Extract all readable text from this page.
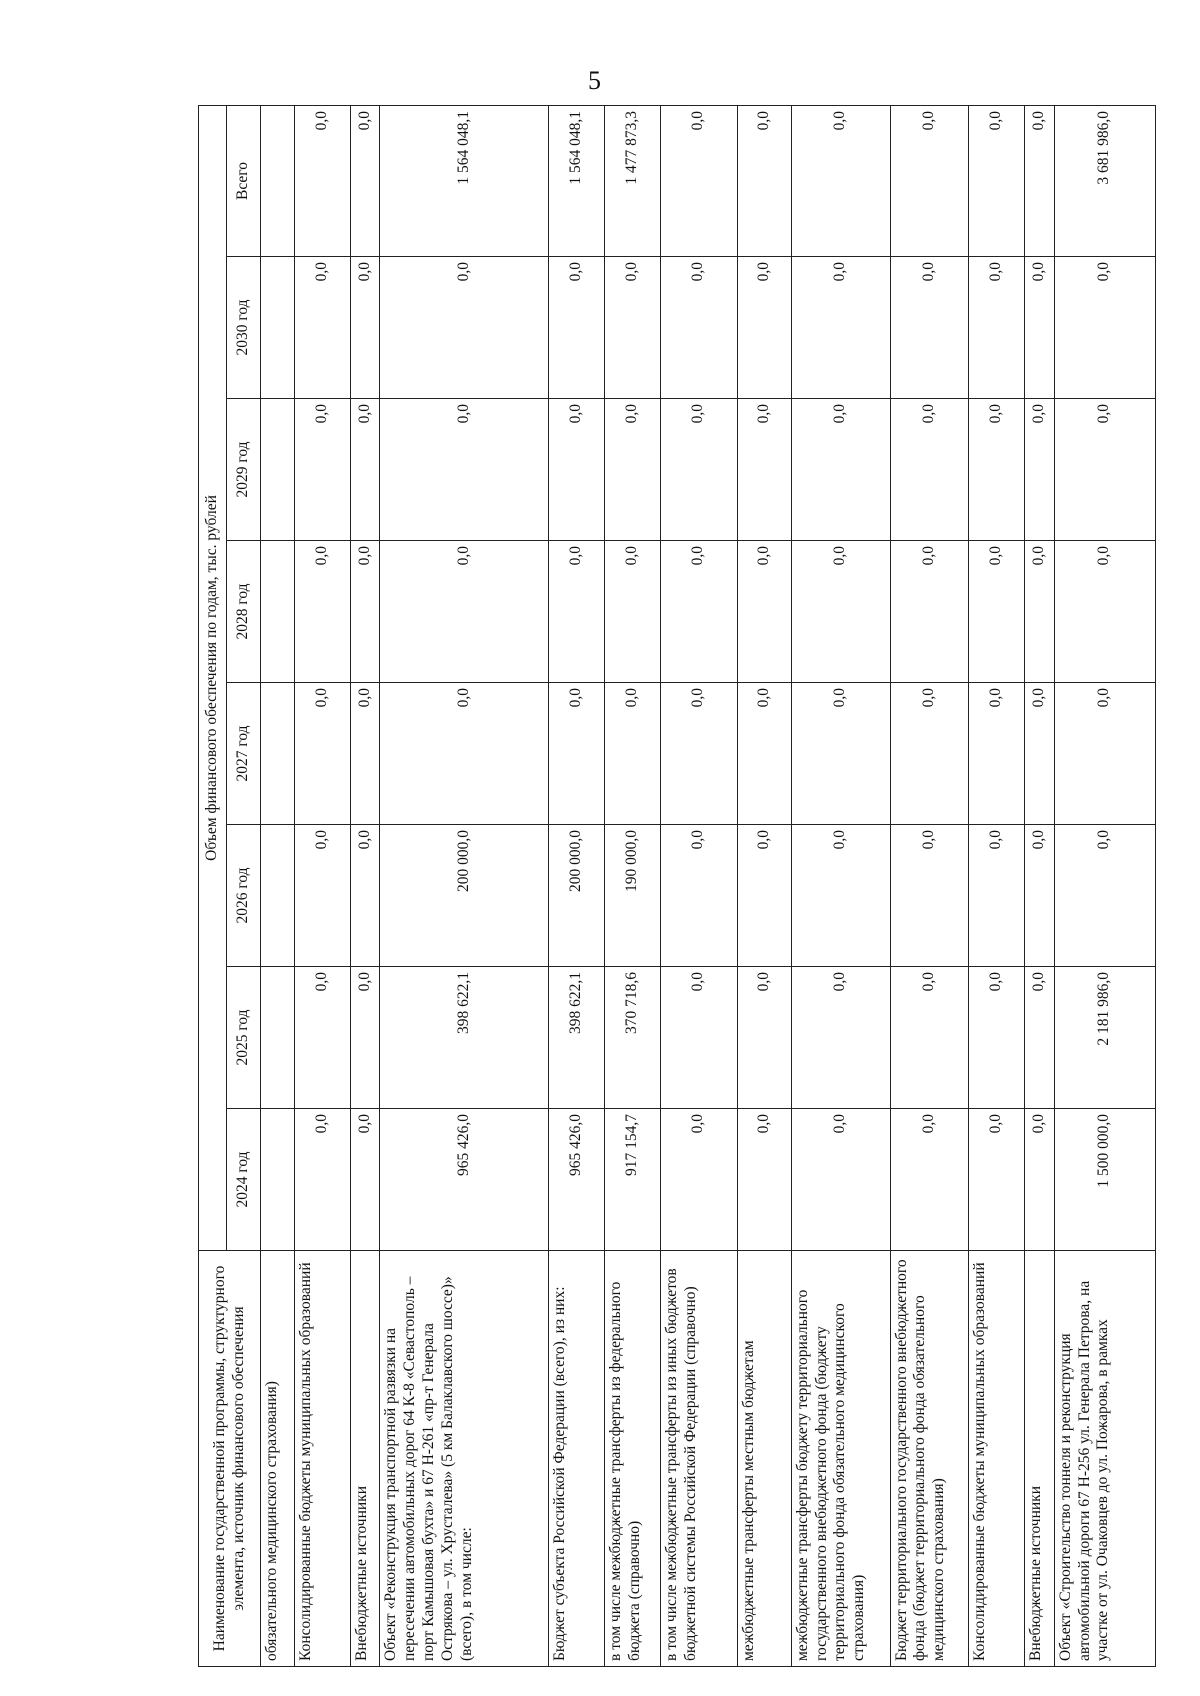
5
Наименование государственной программы, структурного элемента, источник финансового обеспечения	Объем финансового обеспечения по годам, тыс. рублей							
	2024 год	2025 год	2026 год	2027 год	2028 год	2029 год	2030 год	Всего
обязательного медицинского страхования)								
Консолидированные бюджеты муниципальных образований	0,0	0,0	0,0	0,0	0,0	0,0	0,0	0,0
Внебюджетные источники	0,0	0,0	0,0	0,0	0,0	0,0	0,0	0,0
Объект «Реконструкция транспортной развязки на пересечении автомобильных дорог 64 К-8 «Севастополь – порт Камышовая бухта» и 67 Н-261 «пр-т Генерала Острякова – ул. Хрусталева» (5 км Балаклавского шоссе)» (всего), в том числе:	965 426,0	398 622,1	200 000,0	0,0	0,0	0,0	0,0	1 564 048,1
Бюджет субъекта Российской Федерации (всего), из них:	965 426,0	398 622,1	200 000,0	0,0	0,0	0,0	0,0	1 564 048,1
в том числе межбюджетные трансферты из федерального бюджета (справочно)	917 154,7	370 718,6	190 000,0	0,0	0,0	0,0	0,0	1 477 873,3
в том числе межбюджетные трансферты из иных бюджетов бюджетной системы Российской Федерации (справочно)	0,0	0,0	0,0	0,0	0,0	0,0	0,0	0,0
межбюджетные трансферты местным бюджетам	0,0	0,0	0,0	0,0	0,0	0,0	0,0	0,0
межбюджетные трансферты бюджету территориального государственного внебюджетного фонда (бюджету территориального фонда обязательного медицинского страхования)	0,0	0,0	0,0	0,0	0,0	0,0	0,0	0,0
Бюджет территориального государственного внебюджетного фонда (бюджет территориального фонда обязательного медицинского страхования)	0,0	0,0	0,0	0,0	0,0	0,0	0,0	0,0
Консолидированные бюджеты муниципальных образований	0,0	0,0	0,0	0,0	0,0	0,0	0,0	0,0
Внебюджетные источники	0,0	0,0	0,0	0,0	0,0	0,0	0,0	0,0
Объект «Строительство тоннеля и реконструкция автомобильной дороги 67 Н-256 ул. Генерала Петрова, на участке от ул. Очаковцев до ул. Пожарова, в рамках	1 500 000,0	2 181 986,0	0,0	0,0	0,0	0,0	0,0	3 681 986,0
